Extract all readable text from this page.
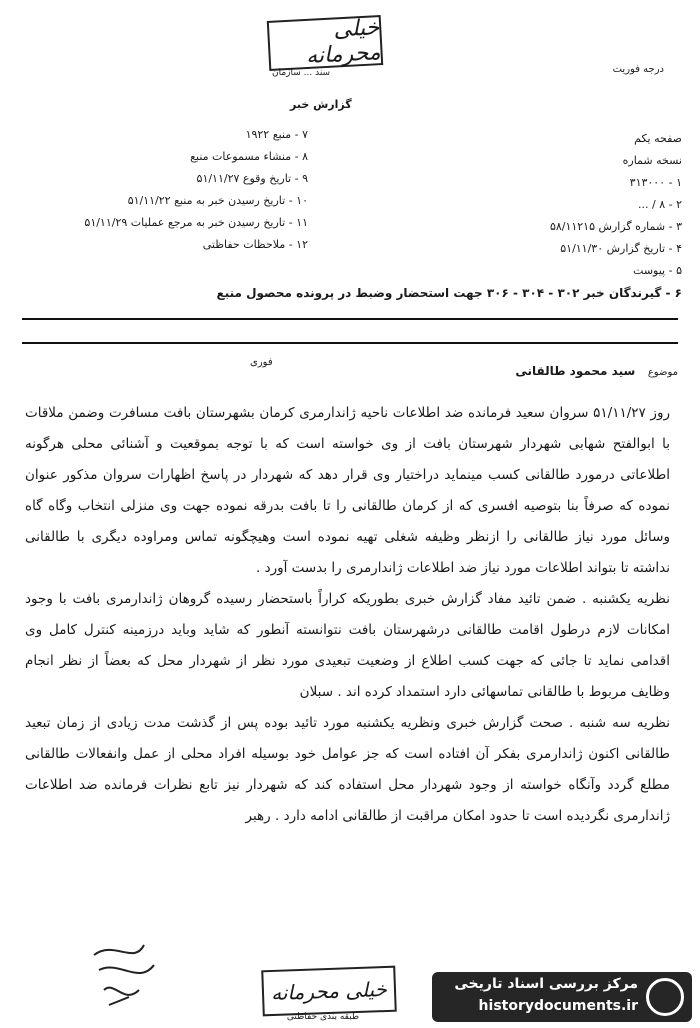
خیلی محرمانه
سند ... سازمان	درجه فوریت
گزارش خبر
صفحه یکم
نسخه شماره
۱ - ۳۱۳۰۰۰
۲ - ۸ / ...
۳ - شماره گزارش ۵۸/۱۱۲۱۵
۴ - تاریخ گزارش ۵۱/۱۱/۳۰
۵ - پیوست
۷ - منبع ۱۹۲۲
۸ - منشاء مسموعات منبع
۹ - تاریخ وقوع ۵۱/۱۱/۲۷
۱۰ - تاریخ رسیدن خبر به منبع ۵۱/۱۱/۲۲
۱۱ - تاریخ رسیدن خبر به مرجع عملیات ۵۱/۱۱/۲۹
۱۲ - ملاحظات حفاظتی
۶ - گیرندگان خبر ۳۰۲ - ۳۰۴ - ۳۰۶ جهت استحضار وضبط در پرونده محصول منبع
موضوع   سید محمود طالقانی
فوری

روز ۵۱/۱۱/۲۷ سروان سعید فرمانده ضد اطلاعات ناحیه ژاندارمری کرمان بشهرستان بافت مسافرت وضمن ملاقات با ابوالفتح شهابی شهردار شهرستان بافت از وی خواسته است که با توجه بموقعیت و آشنائی محلی هرگونه اطلاعاتی درمورد طالقانی کسب مینماید دراختیار وی قرار دهد که شهردار در پاسخ اظهارات سروان مذکور عنوان نموده که صرفاً بنا بتوصیه افسری که از کرمان طالقانی را تا بافت بدرقه نموده جهت وی منزلی انتخاب وگاه گاه وسائل مورد نیاز طالقانی را ازنظر وظیفه شغلی تهیه نموده است وهیچگونه تماس ومراوده دیگری با طالقانی نداشته تا بتواند اطلاعات مورد نیاز ضد اطلاعات ژاندارمری را بدست آورد .

نظریه یکشنبه . ضمن تائید مفاد گزارش خبری بطوریکه کراراً باستحضار رسیده گروهان ژاندارمری بافت با وجود امکانات لازم درطول اقامت طالقانی درشهرستان بافت نتوانسته آنطور که شاید وباید درزمینه کنترل کامل وی اقدامی نماید تا جائی که جهت کسب اطلاع از وضعیت تبعیدی مورد نظر از شهردار محل که بعضاً از نظر انجام وظایف مربوط با طالقانی تماسهائی دارد استمداد کرده اند . سبلان

نظریه سه شنبه . صحت گزارش خبری ونظریه یکشنبه مورد تائید بوده پس از گذشت مدت زیادی از زمان تبعید طالقانی اکنون ژاندارمری بفکر آن افتاده است که جز عوامل خود بوسیله افراد محلی از عمل وانفعالات طالقانی مطلع گردد وآنگاه خواسته از وجود شهردار محل استفاده کند که شهردار نیز تابع نظرات فرمانده ضد اطلاعات ژاندارمری نگردیده است تا حدود امکان مراقبت از طالقانی ادامه دارد . رهبر

خیلی محرمانه
طبقه بندی حفاظتی
مرکز بررسی اسناد تاریخی
historydocuments.ir
